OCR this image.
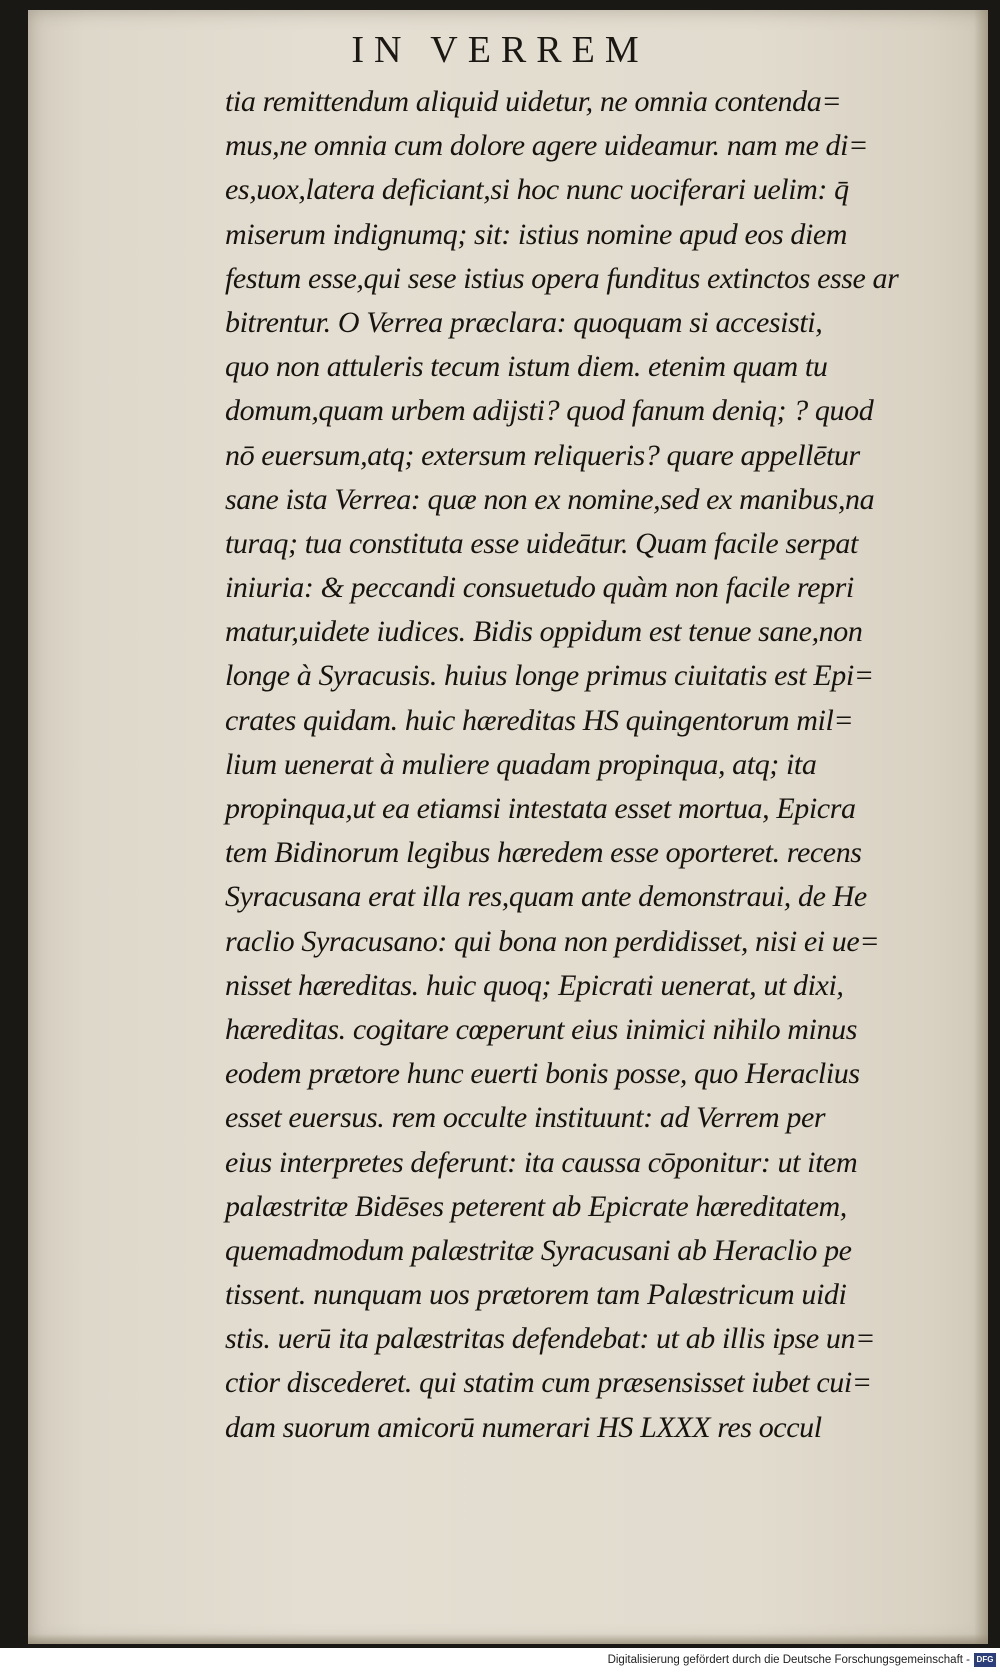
IN VERREM
tia remittendum aliquid uidetur, ne omnia contenda=
mus,ne omnia cum dolore agere uideamur. nam me di=
es,uox,latera deficiant,si hoc nunc uociferari uelim: q̄
miserum indignumq; sit: istius nomine apud eos diem
festum esse,qui sese istius opera funditus extinctos esse ar
bitrentur. O Verrea præclara: quoquam si accesisti,
quo non attuleris tecum istum diem. etenim quam tu
domum,quam urbem adijsti? quod fanum deniq; ? quod
nō euersum,atq; extersum reliqueris? quare appellētur
sane ista Verrea: quæ non ex nomine,sed ex manibus,na
turaq; tua constituta esse uideātur. Quam facile serpat
iniuria: & peccandi consuetudo quàm non facile repri
matur,uidete iudices. Bidis oppidum est tenue sane,non
longe à Syracusis. huius longe primus ciuitatis est Epi=
crates quidam. huic hæreditas HS quingentorum mil=
lium uenerat à muliere quadam propinqua, atq; ita
propinqua,ut ea etiamsi intestata esset mortua, Epicra
tem Bidinorum legibus hæredem esse oporteret. recens
Syracusana erat illa res,quam ante demonstraui, de He
raclio Syracusano: qui bona non perdidisset, nisi ei ue=
nisset hæreditas. huic quoq; Epicrati uenerat, ut dixi,
hæreditas. cogitare cœperunt eius inimici nihilo minus
eodem prætore hunc euerti bonis posse, quo Heraclius
esset euersus. rem occulte instituunt: ad Verrem per
eius interpretes deferunt: ita caussa cōponitur: ut item
palæstritæ Bidēses peterent ab Epicrate hæreditatem,
quemadmodum palæstritæ Syracusani ab Heraclio pe
tissent. nunquam uos prætorem tam Palæstricum uidi
stis. uerū ita palæstritas defendebat: ut ab illis ipse un=
ctior discederet. qui statim cum præsensisset iubet cui=
dam suorum amicorū numerari HS LXXX res occul
Digitalisierung gefördert durch die Deutsche Forschungsgemeinschaft - DFG
